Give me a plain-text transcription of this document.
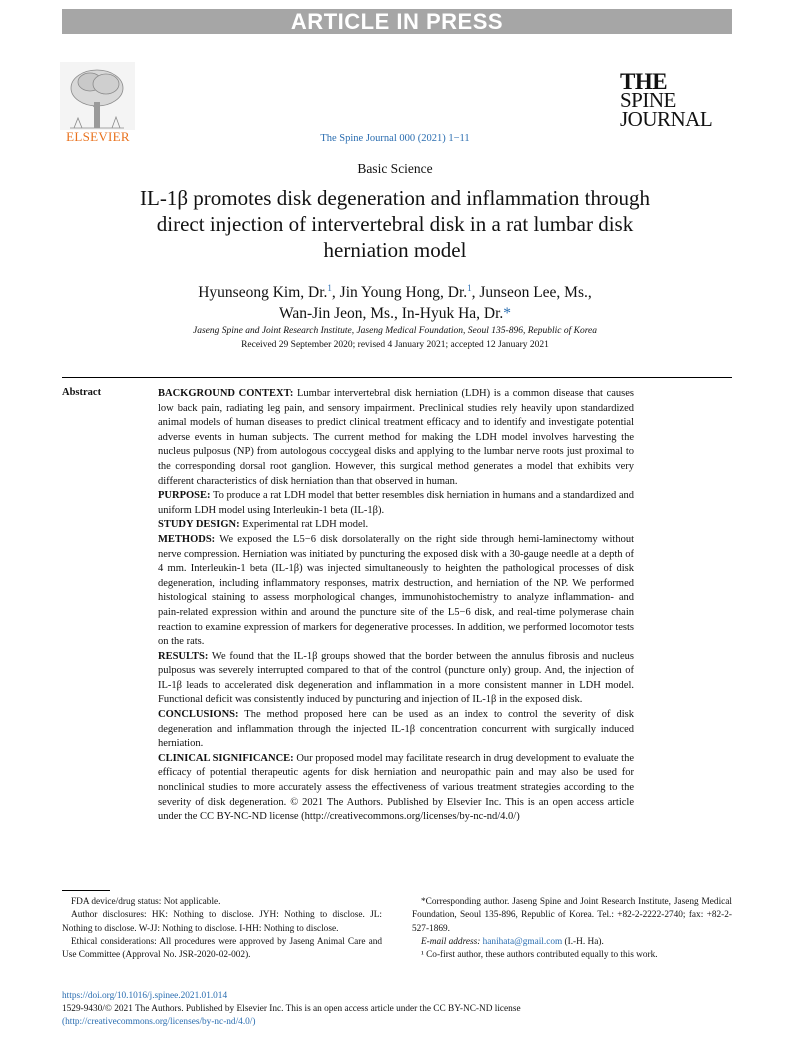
ARTICLE IN PRESS
ELSEVIER	The Spine Journal 000 (2021) 1−11
THE
SPINE
JOURNAL
Basic Science
IL-1β promotes disk degeneration and inflammation through direct injection of intervertebral disk in a rat lumbar disk herniation model
Hyunseong Kim, Dr.$^1$, Jin Young Hong, Dr.$^1$, Junseon Lee, Ms.,
Wan-Jin Jeon, Ms., In-Hyuk Ha, Dr.*
Jaseng Spine and Joint Research Institute, Jaseng Medical Foundation, Seoul 135-896, Republic of Korea
Received 29 September 2020; revised 4 January 2021; accepted 12 January 2021
Abstract	BACKGROUND CONTEXT: Lumbar intervertebral disk herniation (LDH) is a common disease that causes low back pain, radiating leg pain, and sensory impairment. Preclinical studies rely heavily upon standardized animal models of human diseases to predict clinical treatment efficacy and to identify and investigate potential adverse events in human subjects. The current method for making the LDH model involves harvesting the nucleus pulposus (NP) from autologous coccygeal disks and applying to the lumbar nerve roots just proximal to the corresponding dorsal root ganglion. However, this surgical method generates a model that exhibits very different characteristics of disk herniation than that observed in human.

PURPOSE: To produce a rat LDH model that better resembles disk herniation in humans and a standardized and uniform LDH model using Interleukin-1 beta (IL-1β).

STUDY DESIGN: Experimental rat LDH model.

METHODS: We exposed the L5−6 disk dorsolaterally on the right side through hemi-laminectomy without nerve compression. Herniation was initiated by puncturing the exposed disk with a 30-gauge needle at a depth of 4 mm. Interleukin-1 beta (IL-1β) was injected simultaneously to heighten the pathological processes of disk degeneration, including inflammatory responses, matrix destruction, and herniation of the NP. We performed histological staining to assess morphological changes, immunohistochemistry to analyze inflammation- and pain-related expression within and around the puncture site of the L5−6 disk, and real-time polymerase chain reaction to examine expression of markers for degenerative processes. In addition, we performed locomotor tests on the rats.

RESULTS: We found that the IL-1β groups showed that the border between the annulus fibrosis and nucleus pulposus was severely interrupted compared to that of the control (puncture only) group. And, the injection of IL-1β leads to accelerated disk degeneration and inflammation in a more consistent manner in LDH model. Functional deficit was consistently induced by puncturing and injection of IL-1β in the exposed disk.

CONCLUSIONS: The method proposed here can be used as an index to control the severity of disk degeneration and inflammation through the injected IL-1β concentration concurrent with surgically induced herniation.

CLINICAL SIGNIFICANCE: Our proposed model may facilitate research in drug development to evaluate the efficacy of potential therapeutic agents for disk herniation and neuropathic pain and may also be used for nonclinical studies to more accurately assess the effectiveness of various treatment strategies according to the severity of disk degeneration. © 2021 The Authors. Published by Elsevier Inc. This is an open access article under the CC BY-NC-ND license (http://creativecommons.org/licenses/by-nc-nd/4.0/)

FDA device/drug status: Not applicable.

Author disclosures: HK: Nothing to disclose. JYH: Nothing to disclose. JL: Nothing to disclose. W-JJ: Nothing to disclose. I-HH: Nothing to disclose.

Ethical considerations: All procedures were approved by Jaseng Animal Care and Use Committee (Approval No. JSR-2020-02-002).

*Corresponding author. Jaseng Spine and Joint Research Institute, Jaseng Medical Foundation, Seoul 135-896, Republic of Korea. Tel.: +82-2-2222-2740; fax: +82-2-527-1869.

E-mail address: hanihata@gmail.com (I.-H. Ha).

¹ Co-first author, these authors contributed equally to this work.

https://doi.org/10.1016/j.spinee.2021.01.014
1529-9430/© 2021 The Authors. Published by Elsevier Inc. This is an open access article under the CC BY-NC-ND license
(http://creativecommons.org/licenses/by-nc-nd/4.0/)
